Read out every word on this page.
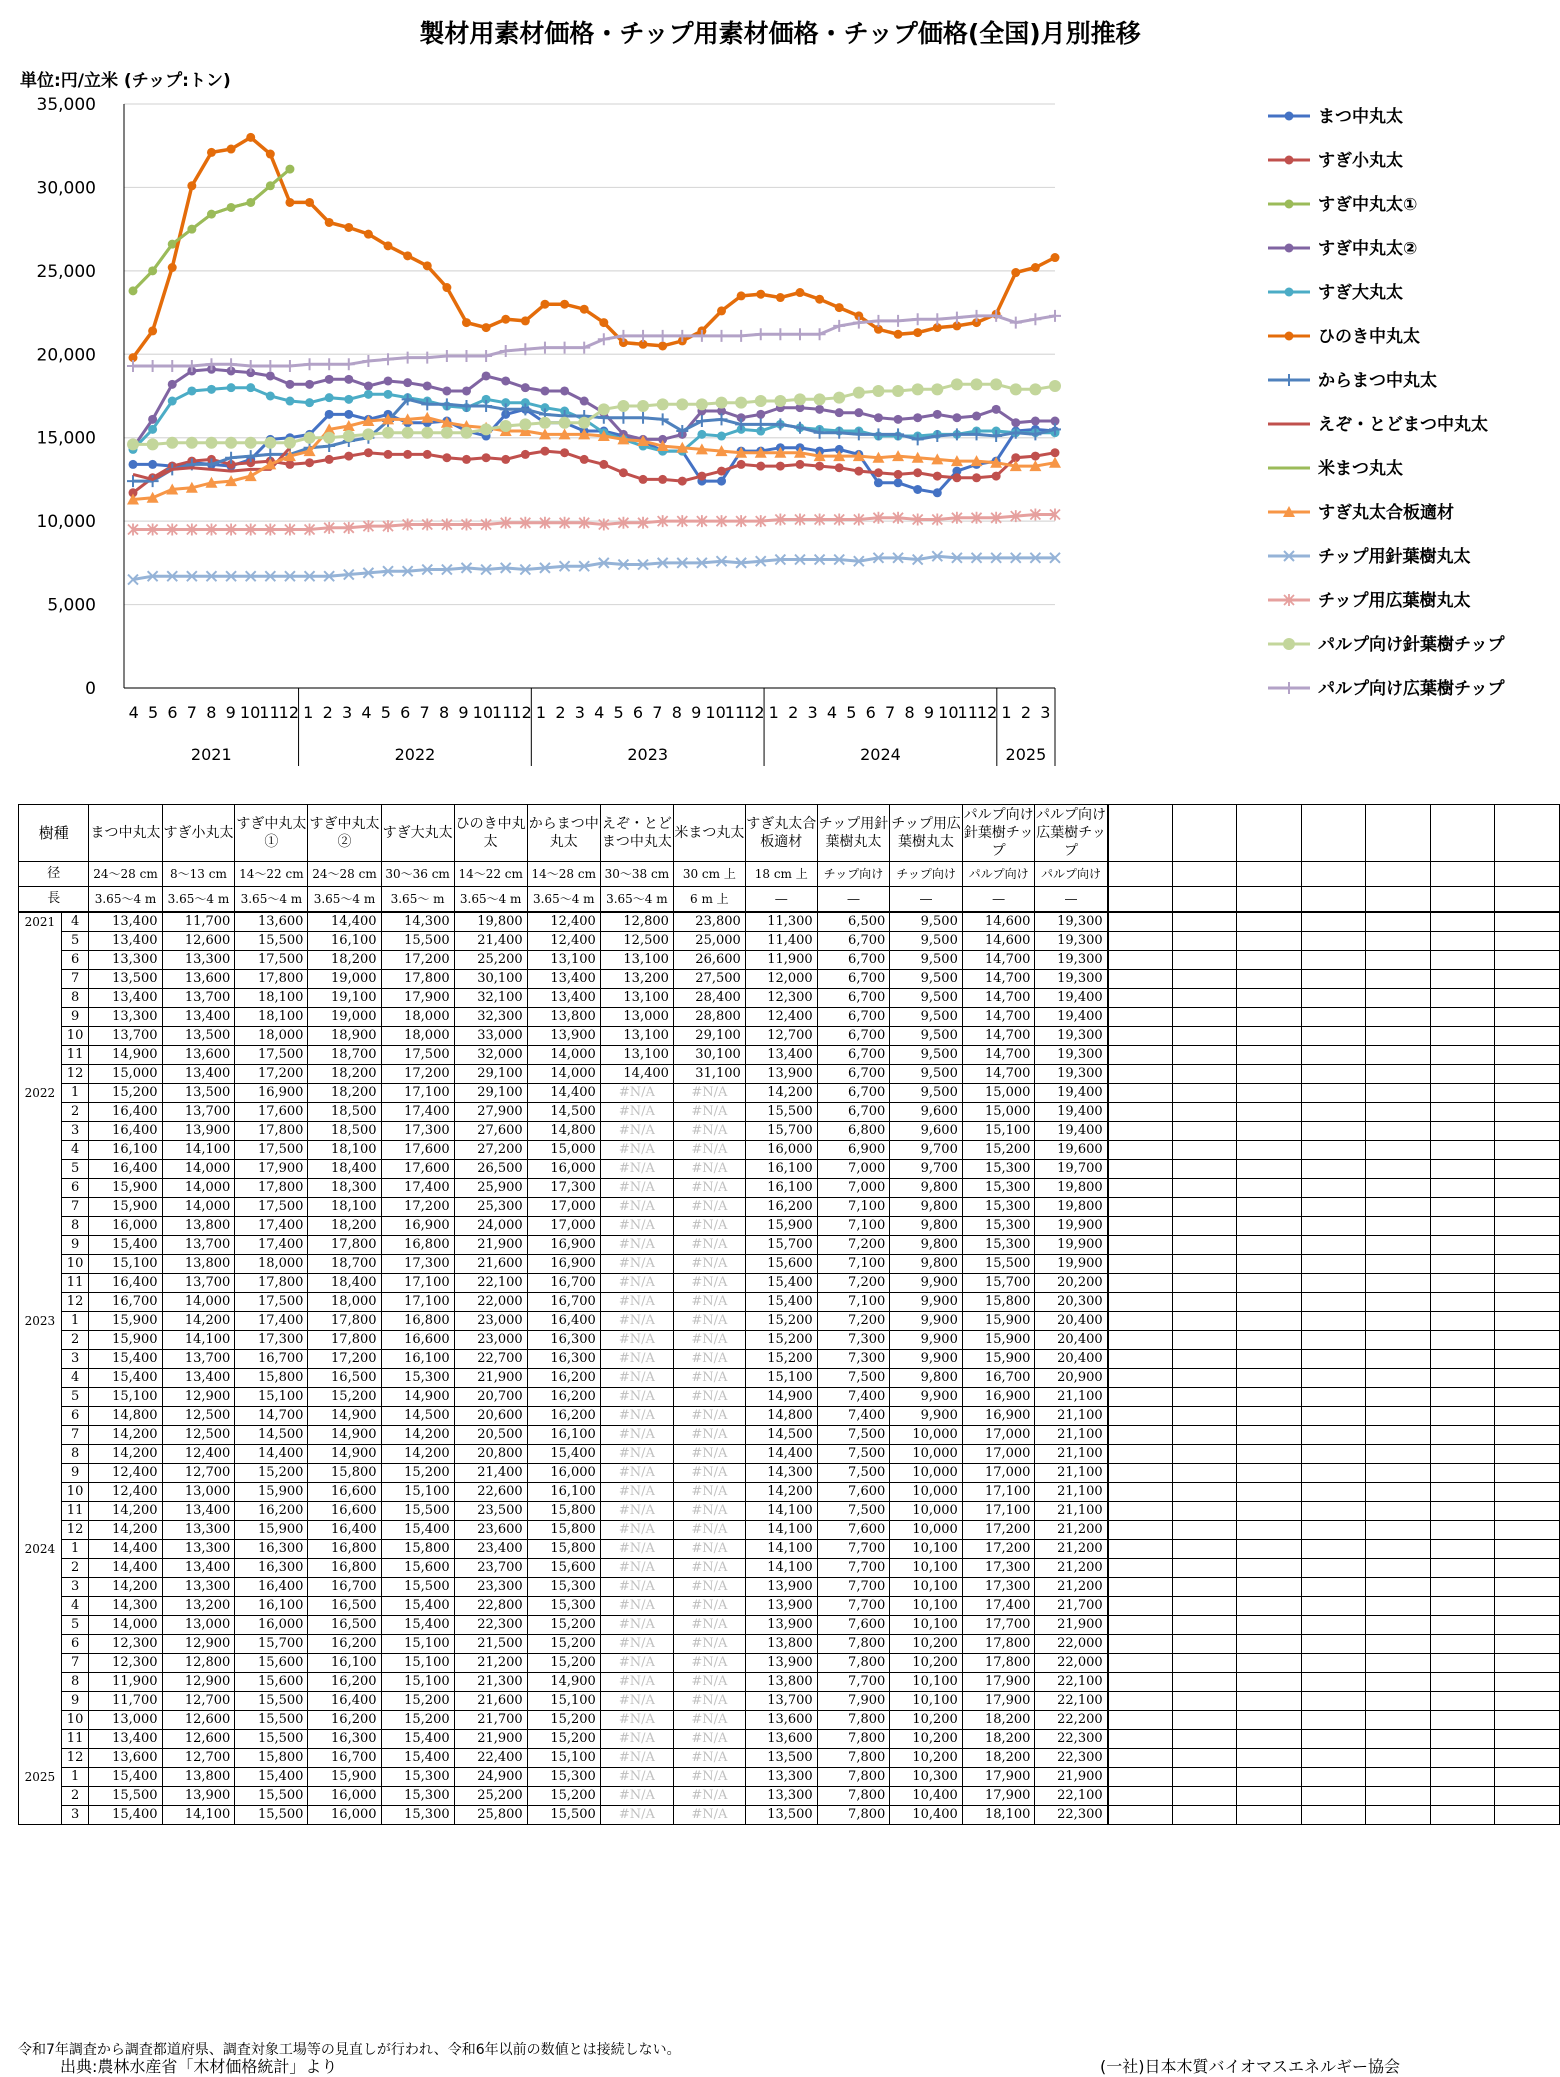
製材用素材価格・チップ用素材価格・チップ価格(全国)月別推移
単位:円/立米 (チップ:トン)
0
5,000
10,000
15,000
20,000
25,000
30,000
35,000
4 5 6 7 8 9 10 11 12 1 2 3 4 5 6 7 8 9 10 11 12 1 2 3 4 5 6 7 8 9 10 11 12 1 2 3 4 5 6 7 8 9 10 11 12 1 2 3
2021	2022	2023	2024	2025
まつ中丸太
すぎ小丸太
すぎ中丸太①
すぎ中丸太②
すぎ大丸太
ひのき中丸太
からまつ中丸太
えぞ・とどまつ中丸太
米まつ丸太
すぎ丸太合板適材
チップ用針葉樹丸太
チップ用広葉樹丸太
パルプ向け針葉樹チップ
パルプ向け広葉樹チップ
樹種		まつ中丸太	すぎ小丸太	すぎ中丸太①	すぎ中丸太②	すぎ大丸太	ひのき中丸太	からまつ中丸太	えぞ・とどまつ中丸太	米まつ丸太	すぎ丸太合板適材	チップ用針葉樹丸太	チップ用広葉樹丸太	パルプ向け針葉樹チップ	パルプ向け広葉樹チップ							
径		24～28 cm	8～13 cm	14～22 cm	24～28 cm	30～36 cm	14～22 cm	14～28 cm	30～38 cm	30 cm 上	18 cm 上	チップ向け	チップ向け	パルプ向け	パルプ向け							
長		3.65～4 m	3.65～4 m	3.65～4 m	3.65～4 m	3.65～ m	3.65～4 m	3.65～4 m	3.65～4 m	6 m 上	―	―	―	―	―							
2021	4	13,400	11,700	13,600	14,400	14,300	19,800	12,400	12,800	23,800	11,300	6,500	9,500	14,600	19,300							
	5	13,400	12,600	15,500	16,100	15,500	21,400	12,400	12,500	25,000	11,400	6,700	9,500	14,600	19,300							
	6	13,300	13,300	17,500	18,200	17,200	25,200	13,100	13,100	26,600	11,900	6,700	9,500	14,700	19,300							
	7	13,500	13,600	17,800	19,000	17,800	30,100	13,400	13,200	27,500	12,000	6,700	9,500	14,700	19,300							
	8	13,400	13,700	18,100	19,100	17,900	32,100	13,400	13,100	28,400	12,300	6,700	9,500	14,700	19,400							
	9	13,300	13,400	18,100	19,000	18,000	32,300	13,800	13,000	28,800	12,400	6,700	9,500	14,700	19,400							
	10	13,700	13,500	18,000	18,900	18,000	33,000	13,900	13,100	29,100	12,700	6,700	9,500	14,700	19,300							
	11	14,900	13,600	17,500	18,700	17,500	32,000	14,000	13,100	30,100	13,400	6,700	9,500	14,700	19,300							
	12	15,000	13,400	17,200	18,200	17,200	29,100	14,000	14,400	31,100	13,900	6,700	9,500	14,700	19,300							
2022	1	15,200	13,500	16,900	18,200	17,100	29,100	14,400	#N/A	#N/A	14,200	6,700	9,500	15,000	19,400							
	2	16,400	13,700	17,600	18,500	17,400	27,900	14,500	#N/A	#N/A	15,500	6,700	9,600	15,000	19,400							
	3	16,400	13,900	17,800	18,500	17,300	27,600	14,800	#N/A	#N/A	15,700	6,800	9,600	15,100	19,400							
	4	16,100	14,100	17,500	18,100	17,600	27,200	15,000	#N/A	#N/A	16,000	6,900	9,700	15,200	19,600							
	5	16,400	14,000	17,900	18,400	17,600	26,500	16,000	#N/A	#N/A	16,100	7,000	9,700	15,300	19,700							
	6	15,900	14,000	17,800	18,300	17,400	25,900	17,300	#N/A	#N/A	16,100	7,000	9,800	15,300	19,800							
	7	15,900	14,000	17,500	18,100	17,200	25,300	17,000	#N/A	#N/A	16,200	7,100	9,800	15,300	19,800							
	8	16,000	13,800	17,400	18,200	16,900	24,000	17,000	#N/A	#N/A	15,900	7,100	9,800	15,300	19,900							
	9	15,400	13,700	17,400	17,800	16,800	21,900	16,900	#N/A	#N/A	15,700	7,200	9,800	15,300	19,900							
	10	15,100	13,800	18,000	18,700	17,300	21,600	16,900	#N/A	#N/A	15,600	7,100	9,800	15,500	19,900							
	11	16,400	13,700	17,800	18,400	17,100	22,100	16,700	#N/A	#N/A	15,400	7,200	9,900	15,700	20,200							
	12	16,700	14,000	17,500	18,000	17,100	22,000	16,700	#N/A	#N/A	15,400	7,100	9,900	15,800	20,300							
2023	1	15,900	14,200	17,400	17,800	16,800	23,000	16,400	#N/A	#N/A	15,200	7,200	9,900	15,900	20,400							
	2	15,900	14,100	17,300	17,800	16,600	23,000	16,300	#N/A	#N/A	15,200	7,300	9,900	15,900	20,400							
	3	15,400	13,700	16,700	17,200	16,100	22,700	16,300	#N/A	#N/A	15,200	7,300	9,900	15,900	20,400							
	4	15,400	13,400	15,800	16,500	15,300	21,900	16,200	#N/A	#N/A	15,100	7,500	9,800	16,700	20,900							
	5	15,100	12,900	15,100	15,200	14,900	20,700	16,200	#N/A	#N/A	14,900	7,400	9,900	16,900	21,100							
	6	14,800	12,500	14,700	14,900	14,500	20,600	16,200	#N/A	#N/A	14,800	7,400	9,900	16,900	21,100							
	7	14,200	12,500	14,500	14,900	14,200	20,500	16,100	#N/A	#N/A	14,500	7,500	10,000	17,000	21,100							
	8	14,200	12,400	14,400	14,900	14,200	20,800	15,400	#N/A	#N/A	14,400	7,500	10,000	17,000	21,100							
	9	12,400	12,700	15,200	15,800	15,200	21,400	16,000	#N/A	#N/A	14,300	7,500	10,000	17,000	21,100							
	10	12,400	13,000	15,900	16,600	15,100	22,600	16,100	#N/A	#N/A	14,200	7,600	10,000	17,100	21,100							
	11	14,200	13,400	16,200	16,600	15,500	23,500	15,800	#N/A	#N/A	14,100	7,500	10,000	17,100	21,100							
	12	14,200	13,300	15,900	16,400	15,400	23,600	15,800	#N/A	#N/A	14,100	7,600	10,000	17,200	21,200							
2024	1	14,400	13,300	16,300	16,800	15,800	23,400	15,800	#N/A	#N/A	14,100	7,700	10,100	17,200	21,200							
	2	14,400	13,400	16,300	16,800	15,600	23,700	15,600	#N/A	#N/A	14,100	7,700	10,100	17,300	21,200							
	3	14,200	13,300	16,400	16,700	15,500	23,300	15,300	#N/A	#N/A	13,900	7,700	10,100	17,300	21,200							
	4	14,300	13,200	16,100	16,500	15,400	22,800	15,300	#N/A	#N/A	13,900	7,700	10,100	17,400	21,700							
	5	14,000	13,000	16,000	16,500	15,400	22,300	15,200	#N/A	#N/A	13,900	7,600	10,100	17,700	21,900							
	6	12,300	12,900	15,700	16,200	15,100	21,500	15,200	#N/A	#N/A	13,800	7,800	10,200	17,800	22,000							
	7	12,300	12,800	15,600	16,100	15,100	21,200	15,200	#N/A	#N/A	13,900	7,800	10,200	17,800	22,000							
	8	11,900	12,900	15,600	16,200	15,100	21,300	14,900	#N/A	#N/A	13,800	7,700	10,100	17,900	22,100							
	9	11,700	12,700	15,500	16,400	15,200	21,600	15,100	#N/A	#N/A	13,700	7,900	10,100	17,900	22,100							
	10	13,000	12,600	15,500	16,200	15,200	21,700	15,200	#N/A	#N/A	13,600	7,800	10,200	18,200	22,200							
	11	13,400	12,600	15,500	16,300	15,400	21,900	15,200	#N/A	#N/A	13,600	7,800	10,200	18,200	22,300							
	12	13,600	12,700	15,800	16,700	15,400	22,400	15,100	#N/A	#N/A	13,500	7,800	10,200	18,200	22,300							
2025	1	15,400	13,800	15,400	15,900	15,300	24,900	15,300	#N/A	#N/A	13,300	7,800	10,300	17,900	21,900							
	2	15,500	13,900	15,500	16,000	15,300	25,200	15,200	#N/A	#N/A	13,300	7,800	10,400	17,900	22,100							
	3	15,400	14,100	15,500	16,000	15,300	25,800	15,500	#N/A	#N/A	13,500	7,800	10,400	18,100	22,300							
令和7年調査から調査都道府県、調査対象工場等の見直しが行われ、令和6年以前の数値とは接続しない。
出典:農林水産省「木材価格統計」より	(一社)日本木質バイオマスエネルギー協会
